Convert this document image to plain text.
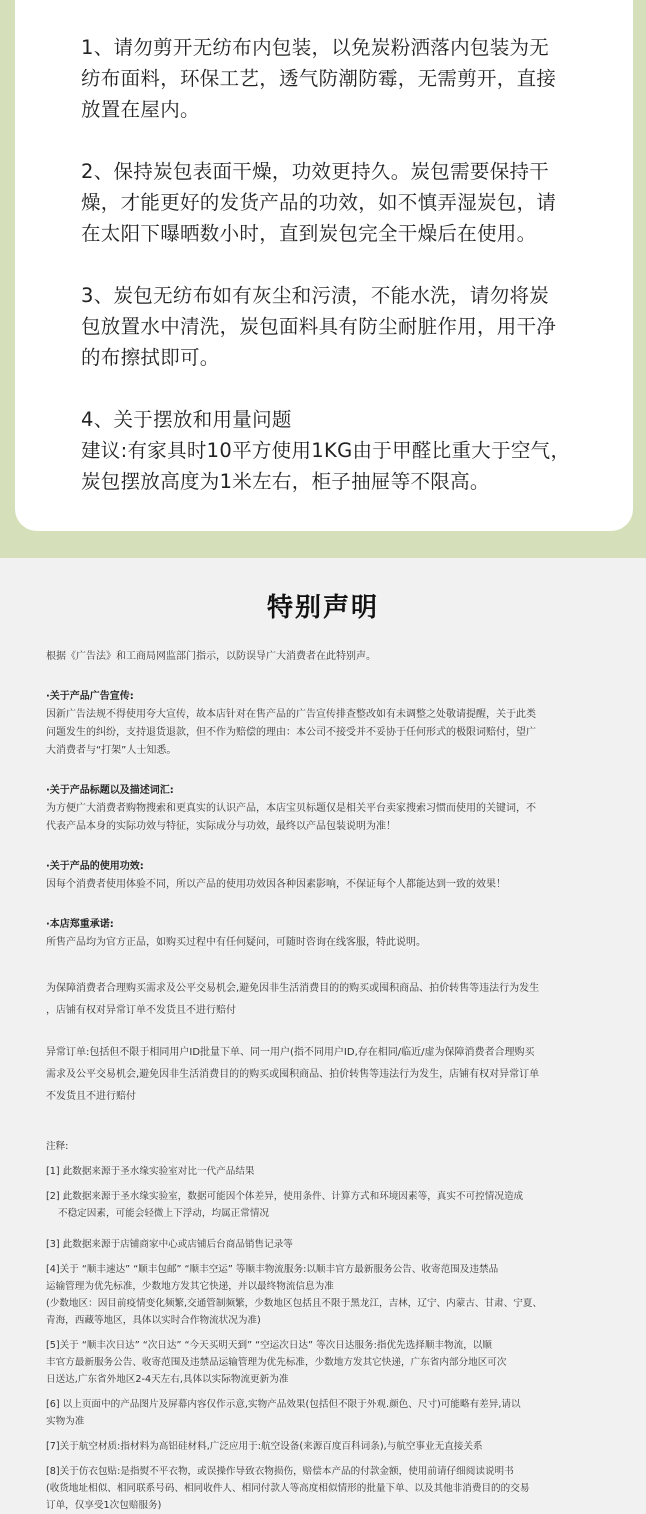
1、请勿剪开无纺布内包装，以免炭粉洒落内包装为无

纺布面料，环保工艺，透气防潮防霉，无需剪开，直接

放置在屋内。

2、保持炭包表面干燥，功效更持久。炭包需要保持干

燥，才能更好的发货产品的功效，如不慎弄湿炭包，请

在太阳下曝晒数小时，直到炭包完全干燥后在使用。

3、炭包无纺布如有灰尘和污渍，不能水洗，请勿将炭

包放置水中清洗，炭包面料具有防尘耐脏作用，用干净

的布擦拭即可。

4、关于摆放和用量问题

建议:有家具时10平方使用1KG由于甲醛比重大于空气，

炭包摆放高度为1米左右，柜子抽屉等不限高。

特别声明
根据《广告法》和工商局网监部门指示，以防误导广大消费者在此特别声。
·关于产品广告宣传:
因新广告法规不得使用夸大宣传，故本店针对在售产品的广告宣传排查整改如有未调整之处敬请提醒，关于此类
问题发生的纠纷，支持退货退款，但不作为赔偿的理由：本公司不接受并不妥协于任何形式的极限词赔付，望广
大消费者与“打架”人士知悉。
·关于产品标题以及描述词汇:
为方便广大消费者购物搜索和更真实的认识产品，本店宝贝标题仅是相关平台卖家搜索习惯而使用的关键词，不
代表产品本身的实际功效与特征，实际成分与功效，最终以产品包装说明为准！
·关于产品的使用功效:
因每个消费者使用体验不同，所以产品的使用功效因各种因素影响，不保证每个人都能达到一致的效果！
·本店郑重承诺:
所售产品均为官方正品，如购买过程中有任何疑问，可随时咨询在线客服，特此说明。
为保障消费者合理购买需求及公平交易机会,避免因非生活消费目的的购买或囤积商品、拍价转售等违法行为发生
，店铺有权对异常订单不发货且不进行赔付
异常订单:包括但不限于相同用户ID批量下单、同一用户(指不同用户ID,存在相同/临近/虚为保障消费者合理购买
需求及公平交易机会,避免因非生活消费目的的购买或囤积商品、拍价转售等违法行为发生，店铺有权对异常订单
不发货且不进行赔付
注释:
[1] 此数据来源于圣水缘实验室对比一代产品结果
[2] 此数据来源于圣水缘实验室，数据可能因个体差异，使用条件、计算方式和环境因素等，真实不可控情况造成
不稳定因素，可能会轻微上下浮动，均属正常情况
[3] 此数据来源于店铺商家中心或店铺后台商品销售记录等
[4]关于 “顺丰速达” “顺丰包邮” “顺丰空运” 等顺丰物流服务:以顺丰官方最新服务公告、收寄范围及违禁品
运输管理为优先标准，少数地方发其它快递，并以最终物流信息为准
(少数地区：因目前疫情变化频繁,交通管制频繁，少数地区包括且不限于黑龙江，吉林，辽宁、内蒙古、甘肃、宁夏、
青海，西藏等地区，具体以实时合作物流状况为准)
[5]关于 “顺丰次日达” “次日达” “今天买明天到” “空运次日达” 等次日达服务:指优先选择顺丰物流，以顺
丰官方最新服务公告、收寄范围及违禁品运输管理为优先标准，少数地方发其它快递，广东省内部分地区可次
日送达,广东省外地区2-4天左右,具体以实际物流更新为准
[6] 以上页面中的产品图片及屏幕内容仅作示意,实物产品效果(包括但不限于外观.颜色、尺寸)可能略有差异,请以
实物为准
[7]关于航空材质:指材料为高铝硅材料,广泛应用于:航空设备(来源百度百科词条),与航空事业无直接关系
[8]关于仿衣包贴:是指熨不平衣物，或误操作导致衣物损伤，赔偿本产品的付款金额，使用前请仔细阅读说明书
(收货地址相似、相同联系号码、相同收件人、相同付款人等高度相似情形的批量下单、以及其他非消费目的的交易
订单，仅享受1次包赔服务)
